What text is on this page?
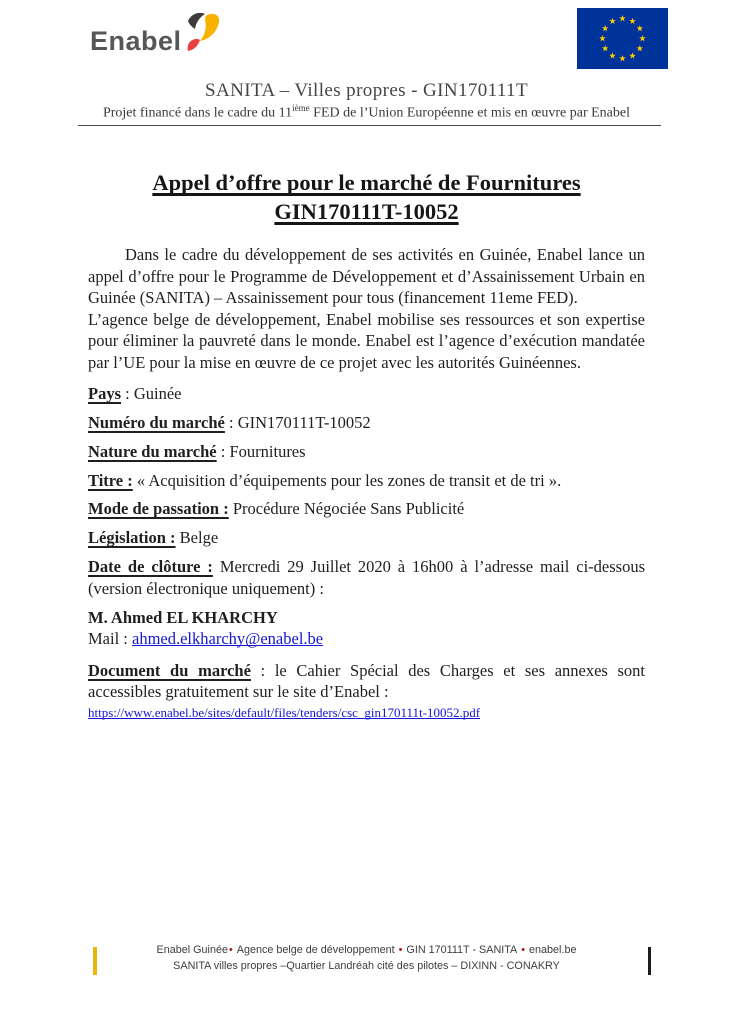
Enabel
SANITA – Villes propres - GIN170111T
Projet financé dans le cadre du 11ième FED de l’Union Européenne et mis en œuvre par Enabel
Appel d’offre pour le marché de Fournitures
GIN170111T-10052

Dans le cadre du développement de ses activités en Guinée, Enabel lance un appel d’offre pour le Programme de Développement et d’Assainissement Urbain en Guinée (SANITA) – Assainissement pour tous (financement 11eme FED).

L’agence belge de développement, Enabel mobilise ses ressources et son expertise pour éliminer la pauvreté dans le monde. Enabel est l’agence d’exécution mandatée par l’UE pour la mise en œuvre de ce projet avec les autorités Guinéennes.

Pays : Guinée

Numéro du marché : GIN170111T-10052

Nature du marché : Fournitures

Titre : « Acquisition d’équipements pour les zones de transit et de tri ».

Mode de passation : Procédure Négociée Sans Publicité

Législation : Belge

Date de clôture : Mercredi 29 Juillet 2020 à 16h00 à l’adresse mail ci-dessous (version électronique uniquement) :

M. Ahmed EL KHARCHY

Mail : ahmed.elkharchy@enabel.be

Document du marché : le Cahier Spécial des Charges et ses annexes sont accessibles gratuitement sur le site d’Enabel :

https://www.enabel.be/sites/default/files/tenders/csc_gin170111t-10052.pdf
Enabel Guinée• Agence belge de développement • GIN 170111T - SANITA • enabel.be
SANITA villes propres –Quartier Landréah cité des pilotes – DIXINN - CONAKRY
